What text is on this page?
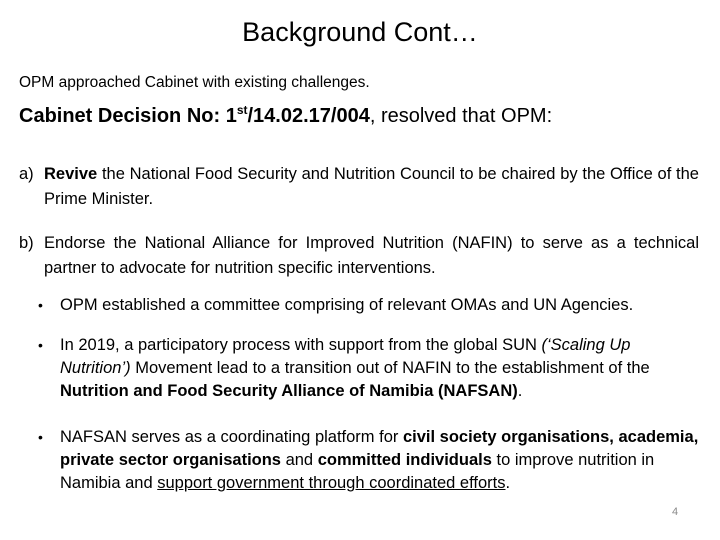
Background Cont…
OPM approached Cabinet with existing challenges.
Cabinet Decision No: 1st/14.02.17/004, resolved that OPM:
a) Revive the National Food Security and Nutrition Council to be chaired by the Office of the Prime Minister.
b) Endorse the National Alliance for Improved Nutrition (NAFIN) to serve as a technical partner to advocate for nutrition specific interventions.
• OPM established a committee comprising of relevant OMAs and UN Agencies.
• In 2019, a participatory process with support from the global SUN (‘Scaling Up Nutrition’) Movement lead to a transition out of NAFIN to the establishment of the Nutrition and Food Security Alliance of Namibia (NAFSAN).
• NAFSAN serves as a coordinating platform for civil society organisations, academia, private sector organisations and committed individuals to improve nutrition in Namibia and support government through coordinated efforts.
4
